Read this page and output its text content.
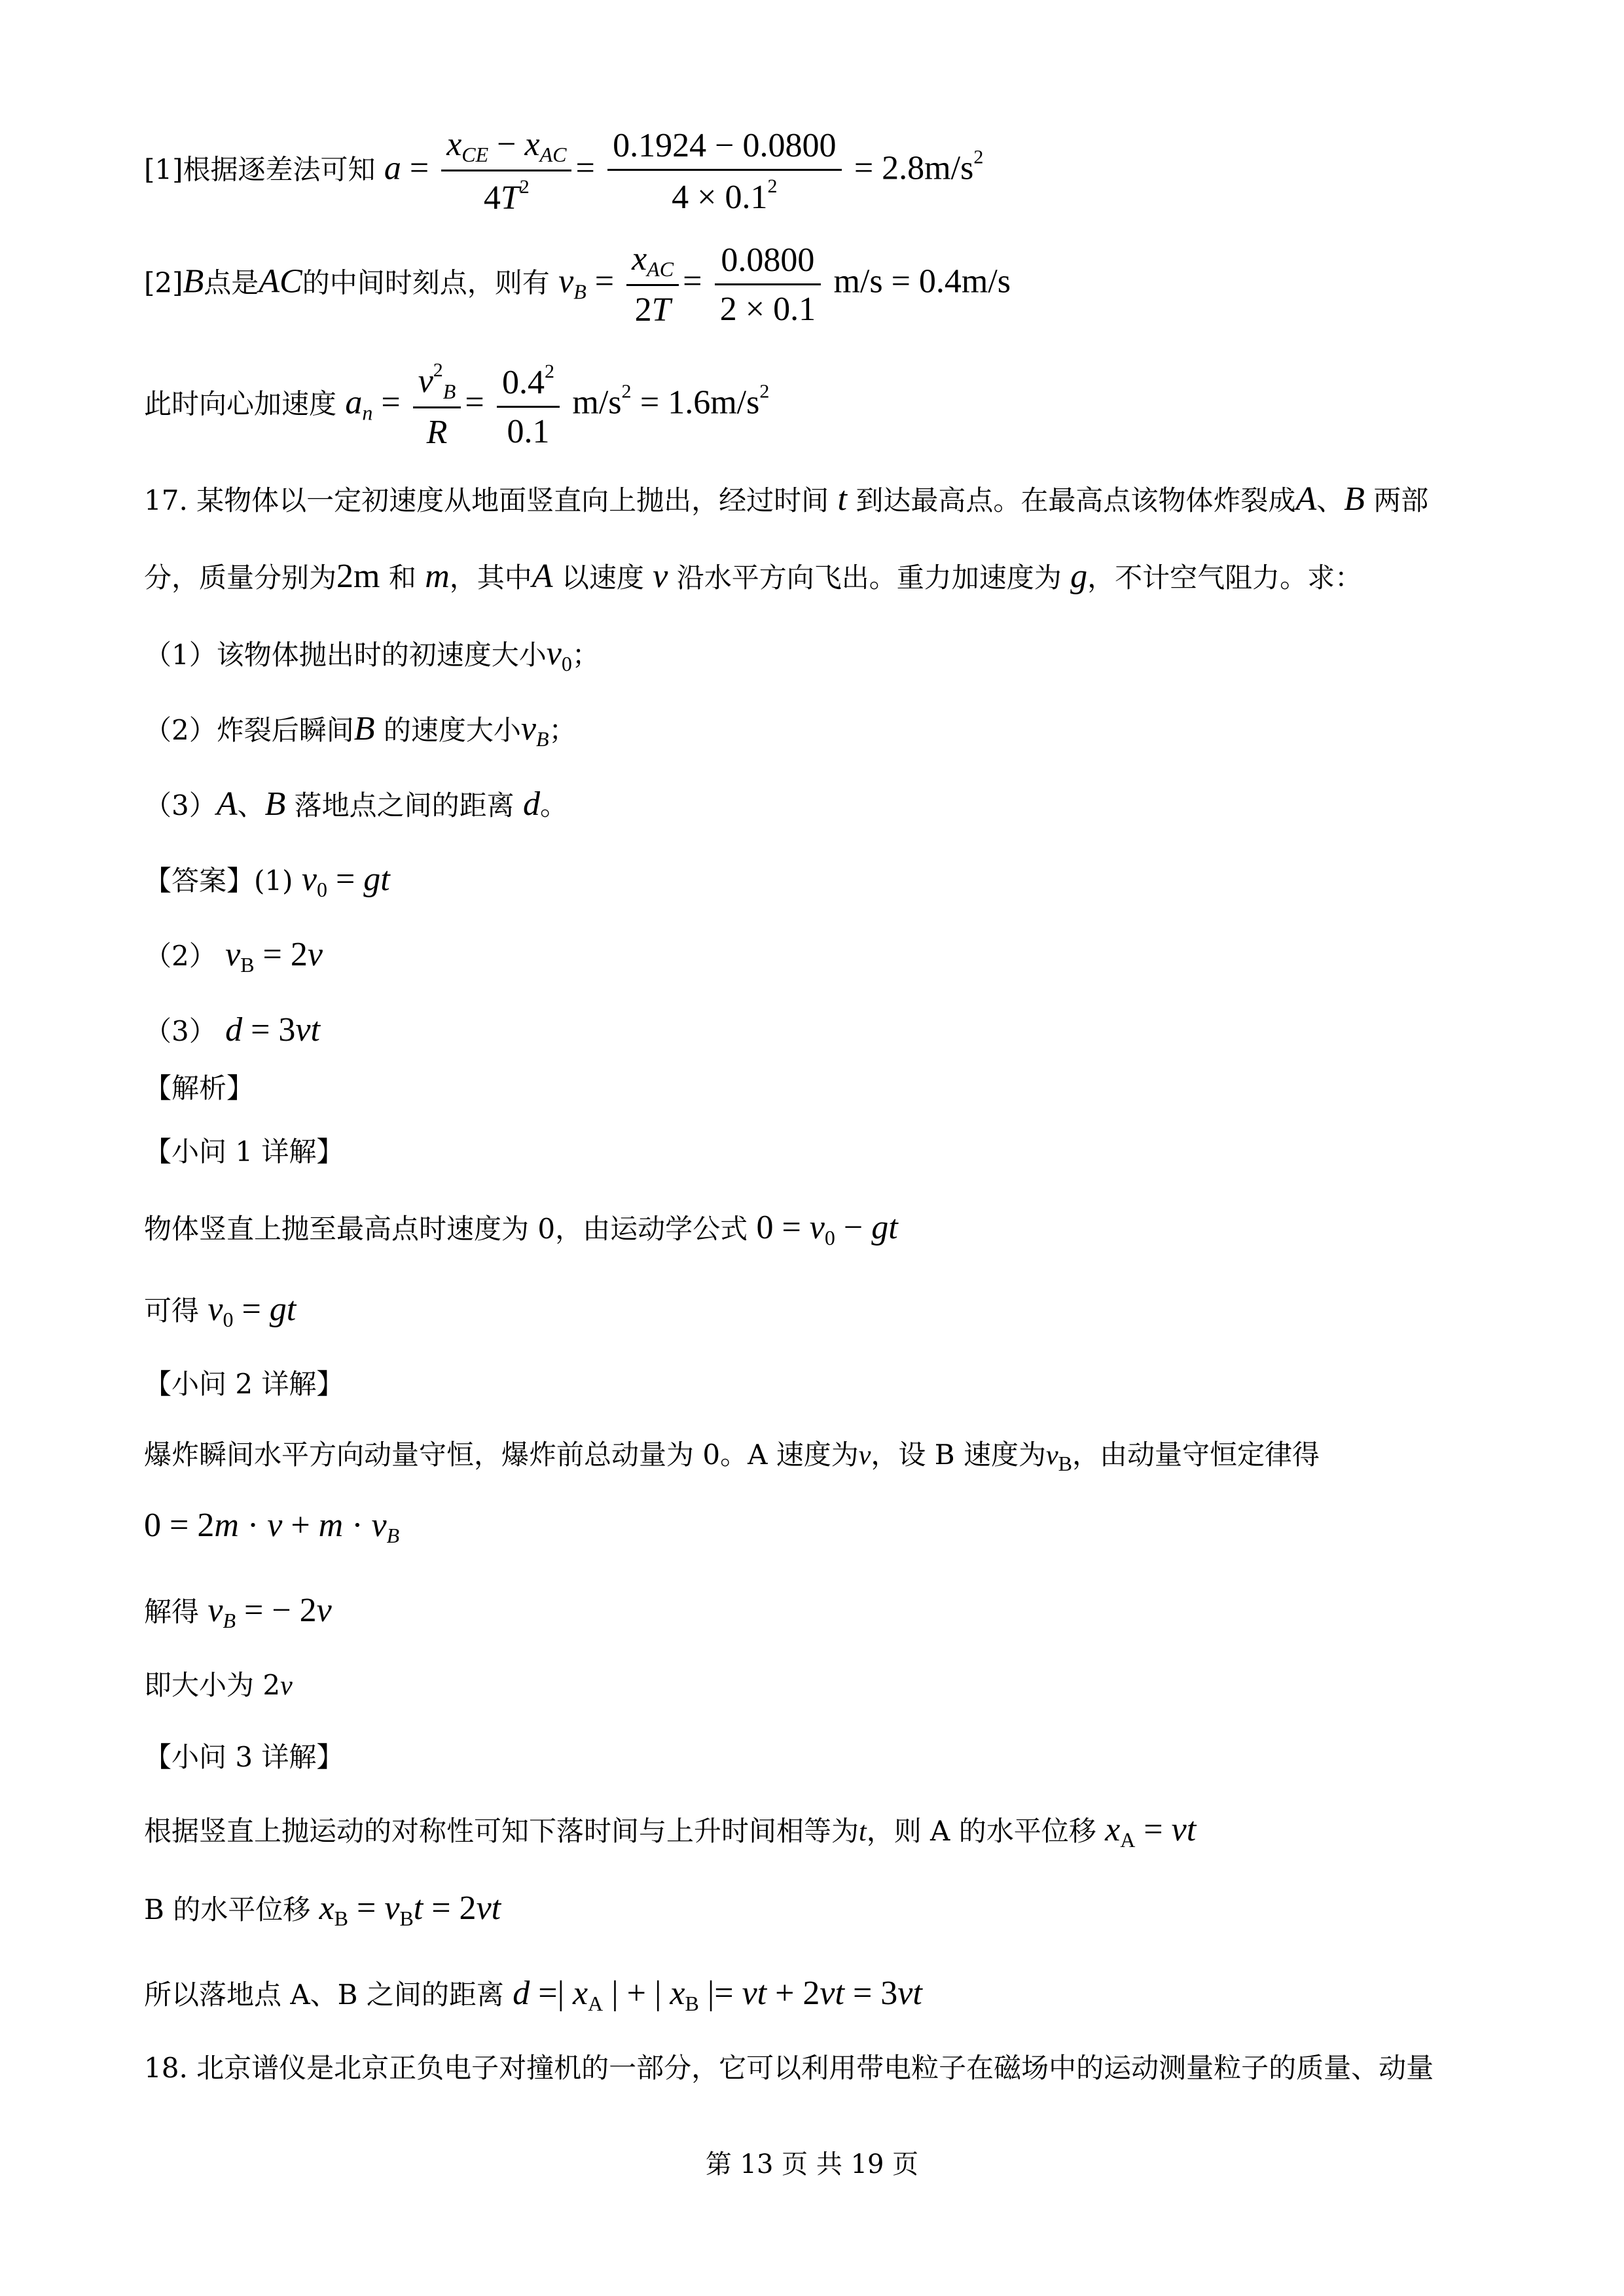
[1]根据逐差法可知 $a = \frac{x_{CE} - x_{AC}}{4T^2} = \frac{0.1924 - 0.0800}{4 \times 0.1^2} = 2.8m/s^2$
[2]B点是AC的中间时刻点，则有 $v_B = \frac{x_{AC}}{2T} = \frac{0.0800}{2 \times 0.1} m/s = 0.4m/s$
此时向心加速度 $a_n = \frac{v^2_B}{R} = \frac{0.4^2}{0.1} m/s^2 = 1.6m/s^2$
17. 某物体以一定初速度从地面竖直向上抛出，经过时间 t 到达最高点。在最高点该物体炸裂成A、B 两部
分，质量分别为2m 和 m，其中A 以速度 v 沿水平方向飞出。重力加速度为 g，不计空气阻力。求：
（1）该物体抛出时的初速度大小$v_0$；
（2）炸裂后瞬间B 的速度大小$v_B$；
（3）A、B 落地点之间的距离 d。
【答案】(1) $v_0$ = gt
（2） $v_B = 2v$
（3） d = 3vt
【解析】
【小问 1 详解】
物体竖直上抛至最高点时速度为 0，由运动学公式 $0 = v_0$ − gt
可得 $v_0$ = gt
【小问 2 详解】
爆炸瞬间水平方向动量守恒，爆炸前总动量为 0。A 速度为v，设 B 速度为$v_B$，由动量守恒定律得
$0 = 2m \cdot v + m \cdot v_B$
解得 $v_B$ = − 2v
即大小为 2v
【小问 3 详解】
根据竖直上抛运动的对称性可知下落时间与上升时间相等为t，则 A 的水平位移 $x_A$ = vt
B 的水平位移 $x_B = v_Bt = 2vt$
所以落地点 A、B 之间的距离 d =| $x_A$ | + | $x_B$ |= vt + 2vt = 3vt
18. 北京谱仪是北京正负电子对撞机的一部分，它可以利用带电粒子在磁场中的运动测量粒子的质量、动量
第 13 页 共 19 页
